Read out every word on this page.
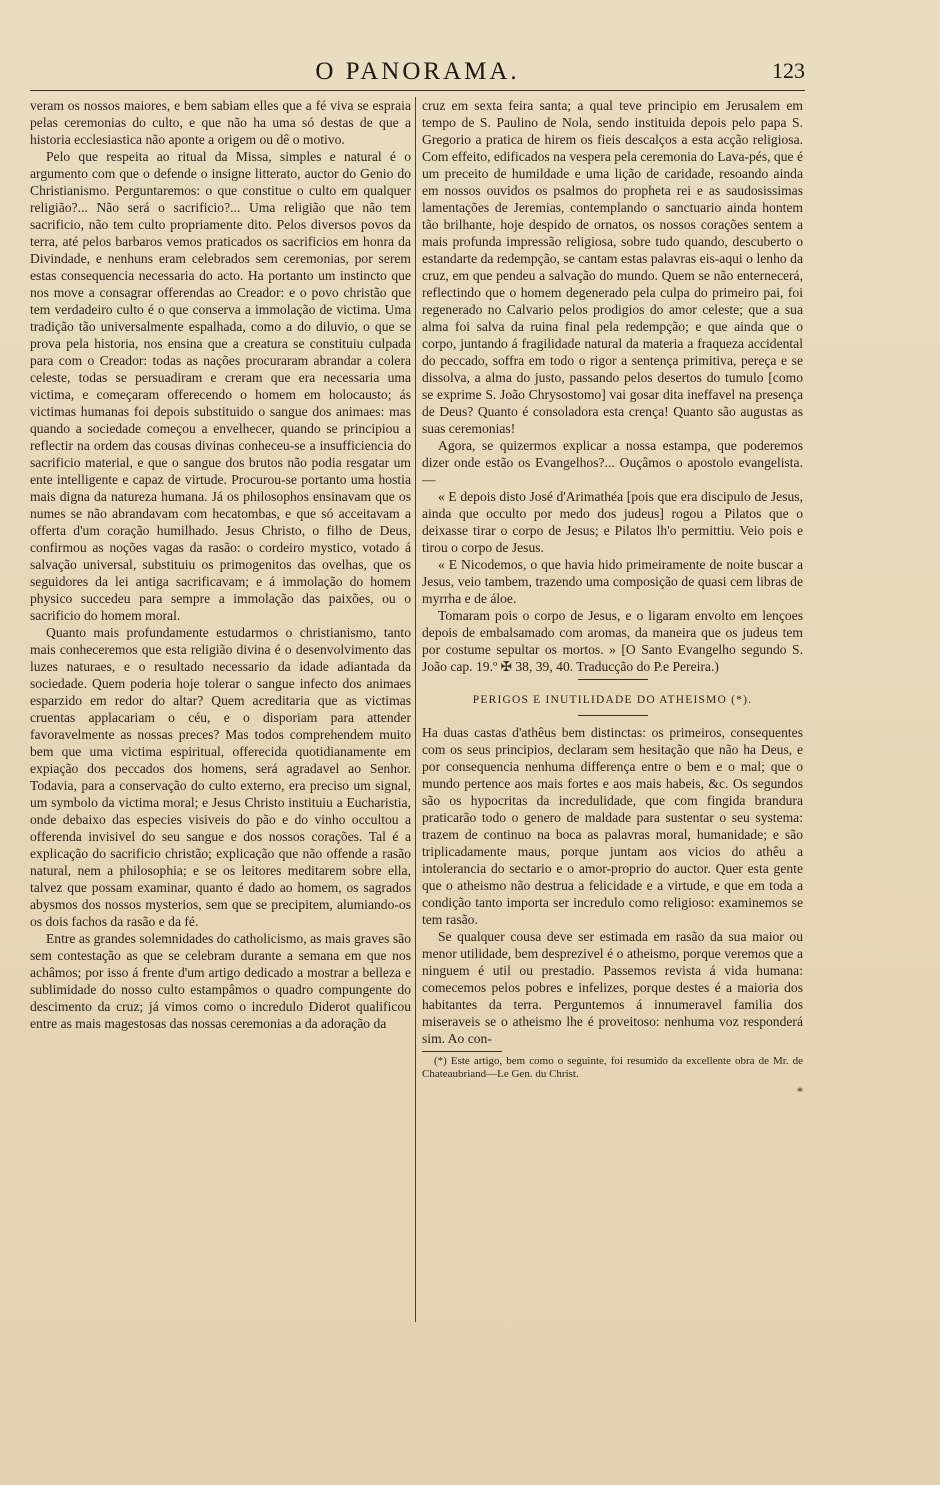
O PANORAMA.	123

veram os nossos maiores, e bem sabiam elles que a fé viva se espraia pelas ceremonias do culto, e que não ha uma só destas de que a historia ecclesiastica não aponte a origem ou dê o motivo.

Pelo que respeita ao ritual da Missa, simples e natural é o argumento com que o defende o insigne litterato, auctor do Genio do Christianismo. Perguntaremos: o que constitue o culto em qualquer religião?... Não será o sacrificio?... Uma religião que não tem sacrificio, não tem culto propriamente dito. Pelos diversos povos da terra, até pelos barbaros vemos praticados os sacrificios em honra da Divindade, e nenhuns eram celebrados sem ceremonias, por serem estas consequencia necessaria do acto. Ha portanto um instincto que nos move a consagrar offerendas ao Creador: e o povo christão que tem verdadeiro culto é o que conserva a immolação de victima. Uma tradição tão universalmente espalhada, como a do diluvio, o que se prova pela historia, nos ensina que a creatura se constituiu culpada para com o Creador: todas as nações procuraram abrandar a colera celeste, todas se persuadiram e creram que era necessaria uma victima, e começaram offerecendo o homem em holocausto; ás victimas humanas foi depois substituido o sangue dos animaes: mas quando a sociedade começou a envelhecer, quando se principiou a reflectir na ordem das cousas divinas conheceu-se a insufficiencia do sacrificio material, e que o sangue dos brutos não podia resgatar um ente intelligente e capaz de virtude. Procurou-se portanto uma hostia mais digna da natureza humana. Já os philosophos ensinavam que os numes se não abrandavam com hecatombas, e que só acceitavam a offerta d'um coração humilhado. Jesus Christo, o filho de Deus, confirmou as noções vagas da rasão: o cordeiro mystico, votado á salvação universal, substituiu os primogenitos das ovelhas, que os seguidores da lei antiga sacrificavam; e á immolação do homem physico succedeu para sempre a immolação das paixões, ou o sacrificio do homem moral.

Quanto mais profundamente estudarmos o christianismo, tanto mais conheceremos que esta religião divina é o desenvolvimento das luzes naturaes, e o resultado necessario da idade adiantada da sociedade. Quem poderia hoje tolerar o sangue infecto dos animaes esparzido em redor do altar? Quem acreditaria que as victimas cruentas applacariam o céu, e o disporiam para attender favoravelmente as nossas preces? Mas todos comprehendem muito bem que uma victima espiritual, offerecida quotidianamente em expiação dos peccados dos homens, será agradavel ao Senhor. Todavia, para a conservação do culto externo, era preciso um signal, um symbolo da victima moral; e Jesus Christo instituiu a Eucharistia, onde debaixo das especies visiveis do pão e do vinho occultou a offerenda invisivel do seu sangue e dos nossos corações. Tal é a explicação do sacrificio christão; explicação que não offende a rasão natural, nem a philosophia; e se os leitores meditarem sobre ella, talvez que possam examinar, quanto é dado ao homem, os sagrados abysmos dos nossos mysterios, sem que se precipitem, alumiando-os os dois fachos da rasão e da fé.

Entre as grandes solemnidades do catholicismo, as mais graves são sem contestação as que se celebram durante a semana em que nos achâmos; por isso á frente d'um artigo dedicado a mostrar a belleza e sublimidade do nosso culto estampâmos o quadro compungente do descimento da cruz; já vimos como o incredulo Diderot qualificou entre as mais magestosas das nossas ceremonias a da adoração da

cruz em sexta feira santa; a qual teve principio em Jerusalem em tempo de S. Paulino de Nola, sendo instituida depois pelo papa S. Gregorio a pratica de hirem os fieis descalços a esta acção religiosa. Com effeito, edificados na vespera pela ceremonia do Lava-pés, que é um preceito de humildade e uma lição de caridade, resoando ainda em nossos ouvidos os psalmos do propheta rei e as saudosissimas lamentações de Jeremias, contemplando o sanctuario ainda hontem tão brilhante, hoje despido de ornatos, os nossos corações sentem a mais profunda impressão religiosa, sobre tudo quando, descuberto o estandarte da redempção, se cantam estas palavras eis-aqui o lenho da cruz, em que pendeu a salvação do mundo. Quem se não enternecerá, reflectindo que o homem degenerado pela culpa do primeiro pai, foi regenerado no Calvario pelos prodigios do amor celeste; que a sua alma foi salva da ruina final pela redempção; e que ainda que o corpo, juntando á fragilidade natural da materia a fraqueza accidental do peccado, soffra em todo o rigor a sentença primitiva, pereça e se dissolva, a alma do justo, passando pelos desertos do tumulo [como se exprime S. João Chrysostomo] vai gosar dita ineffavel na presença de Deus? Quanto é consoladora esta crença! Quanto são augustas as suas ceremonias!

Agora, se quizermos explicar a nossa estampa, que poderemos dizer onde estão os Evangelhos?... Ouçâmos o apostolo evangelista.—

« E depois disto José d'Arimathéa [pois que era discipulo de Jesus, ainda que occulto por medo dos judeus] rogou a Pilatos que o deixasse tirar o corpo de Jesus; e Pilatos lh'o permittiu. Veio pois e tirou o corpo de Jesus.

« E Nicodemos, o que havia hido primeiramente de noite buscar a Jesus, veio tambem, trazendo uma composição de quasi cem libras de myrrha e de áloe.

Tomaram pois o corpo de Jesus, e o ligaram envolto em lençoes depois de embalsamado com aromas, da maneira que os judeus tem por costume sepultar os mortos. » [O Santo Evangelho segundo S. João cap. 19.º ✠ 38, 39, 40. Traducção do P.e Pereira.)

PERIGOS E INUTILIDADE DO ATHEISMO (*).

Ha duas castas d'athêus bem distinctas: os primeiros, consequentes com os seus principios, declaram sem hesitação que não ha Deus, e por consequencia nenhuma differença entre o bem e o mal; que o mundo pertence aos mais fortes e aos mais habeis, &c. Os segundos são os hypocritas da incredulidade, que com fingida brandura praticarão todo o genero de maldade para sustentar o seu systema: trazem de continuo na boca as palavras moral, humanidade; e são triplicadamente maus, porque juntam aos vicios do athêu a intolerancia do sectario e o amor-proprio do auctor. Quer esta gente que o atheismo não destrua a felicidade e a virtude, e que em toda a condição tanto importa ser incredulo como religioso: examinemos se tem rasão.

Se qualquer cousa deve ser estimada em rasão da sua maior ou menor utilidade, bem desprezivel é o atheismo, porque veremos que a ninguem é util ou prestadio. Passemos revista á vida humana: comecemos pelos pobres e infelizes, porque destes é a maioria dos habitantes da terra. Perguntemos á innumeravel familia dos miseraveis se o atheismo lhe é proveitoso: nenhuma voz responderá sim. Ao con-

(*) Este artigo, bem como o seguinte, foi resumido da excellente obra de Mr. de Chateaubriand—Le Gen. du Christ.

*
